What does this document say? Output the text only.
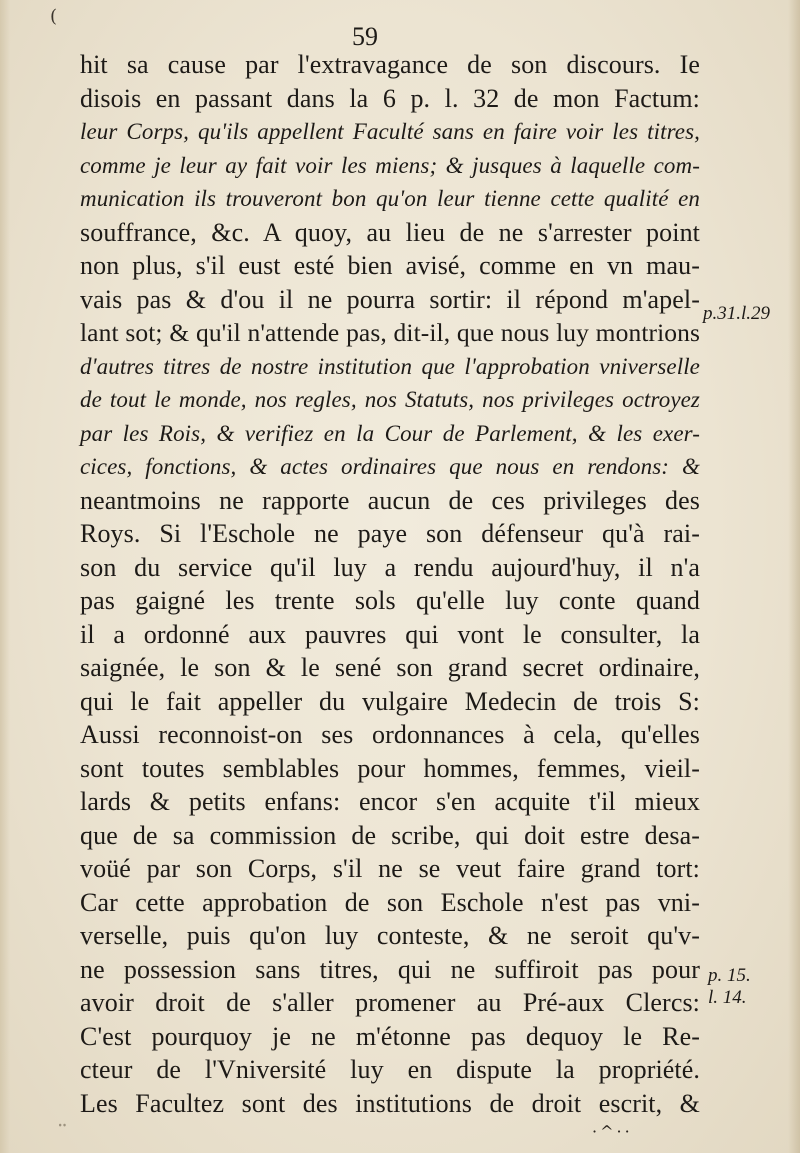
(
59
hit sa cause par l'extravagance de son discours. Ie
disois en passant dans la 6 p. l. 32 de mon Factum:
leur Corps, qu'ils appellent Faculté sans en faire voir les titres,
comme je leur ay fait voir les miens; & jusques à laquelle com-
munication ils trouveront bon qu'on leur tienne cette qualité en
souffrance, &c. A quoy, au lieu de ne s'arrester point
non plus, s'il eust esté bien avisé, comme en vn mau-
vais pas & d'ou il ne pourra sortir: il répond m'apel-
lant sot; & qu'il n'attende pas, dit-il, que nous luy montrions
d'autres titres de nostre institution que l'approbation vniverselle
de tout le monde, nos regles, nos Statuts, nos privileges octroyez
par les Rois, & verifiez en la Cour de Parlement, & les exer-
cices, fonctions, & actes ordinaires que nous en rendons: &
neantmoins ne rapporte aucun de ces privileges des
Roys. Si l'Eschole ne paye son défenseur qu'à rai-
son du service qu'il luy a rendu aujourd'huy, il n'a
pas gaigné les trente sols qu'elle luy conte quand
il a ordonné aux pauvres qui vont le consulter, la
saignée, le son & le sené son grand secret ordinaire,
qui le fait appeller du vulgaire Medecin de trois S:
Aussi reconnoist-on ses ordonnances à cela, qu'elles
sont toutes semblables pour hommes, femmes, vieil-
lards & petits enfans: encor s'en acquite t'il mieux
que de sa commission de scribe, qui doit estre desa-
voüé par son Corps, s'il ne se veut faire grand tort:
Car cette approbation de son Eschole n'est pas vni-
verselle, puis qu'on luy conteste, & ne seroit qu'v-
ne possession sans titres, qui ne suffiroit pas pour
avoir droit de s'aller promener au Pré-aux Clercs:
C'est pourquoy je ne m'étonne pas dequoy le Re-
cteur de l'Vniversité luy en dispute la propriété.
Les Facultez sont des institutions de droit escrit, &
p.31.l.29
p. 15.
l. 14.
ꞏꞏ	·^··
